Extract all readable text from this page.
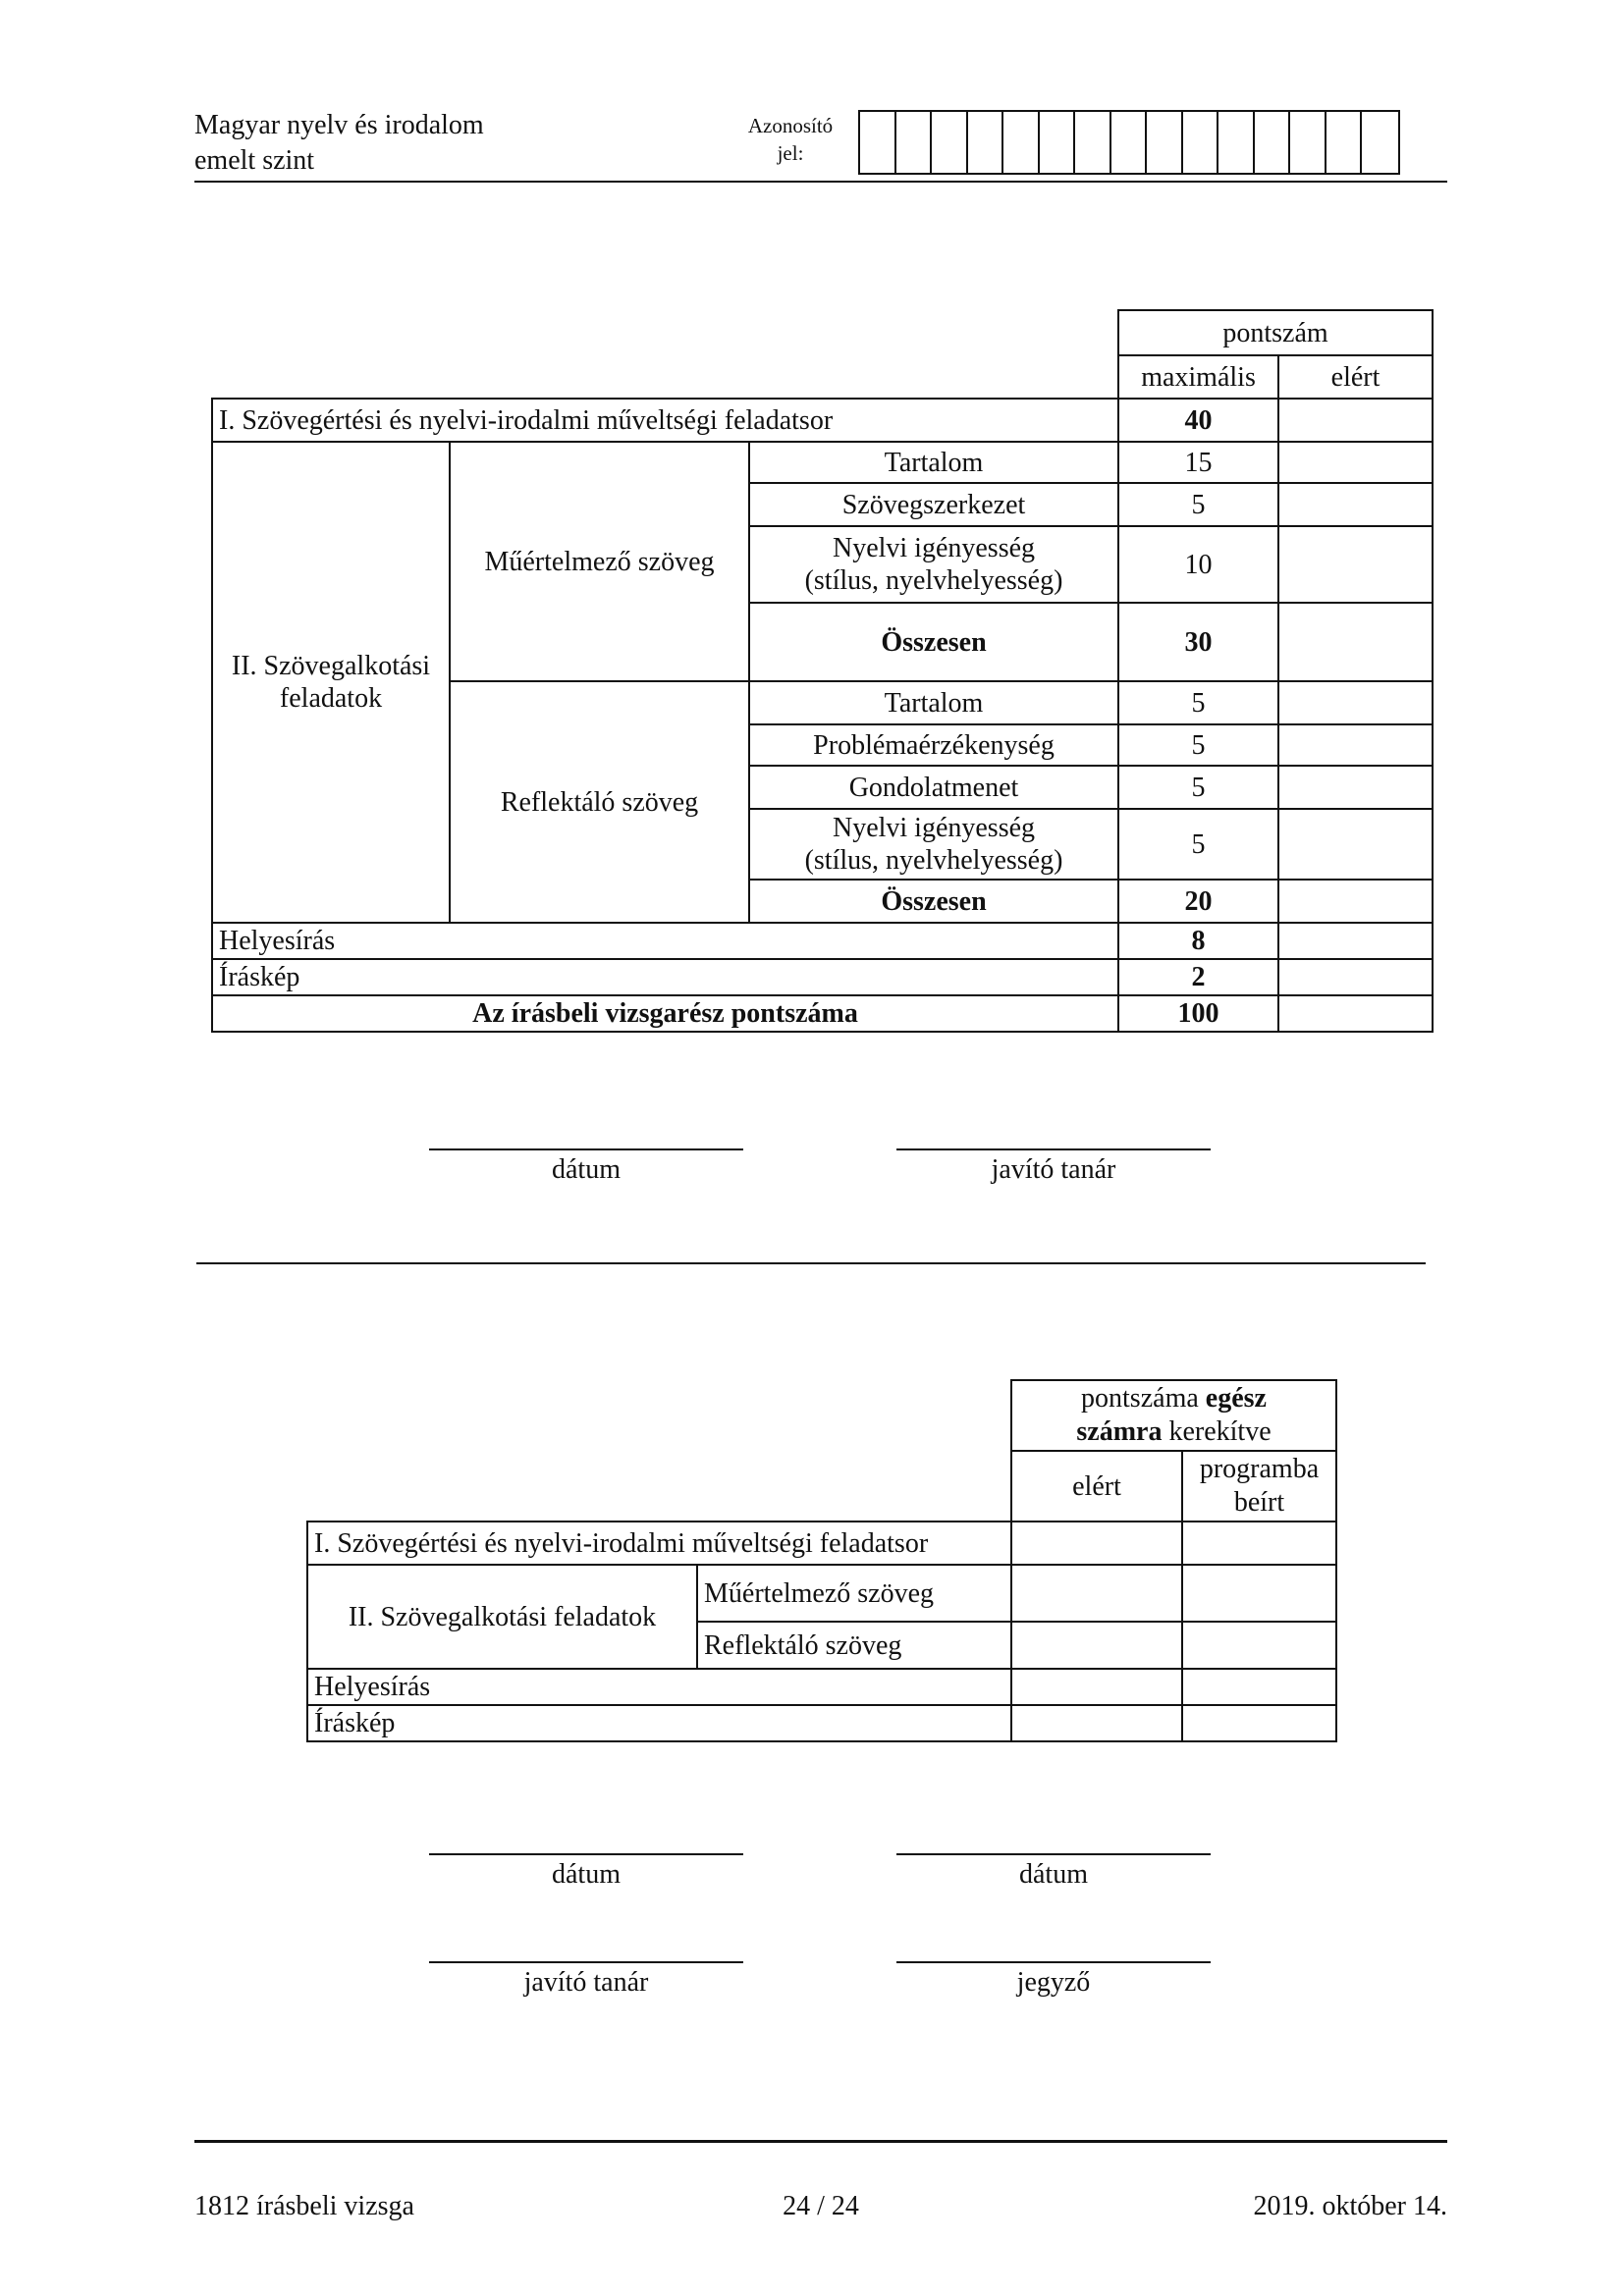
Magyar nyelv és irodalom
emelt szint
Azonosító
jel:
			pontszám	
			maximális	elért
I. Szövegértési és nyelvi-irodalmi műveltségi feladatsor			40	

II. Szövegalkotási
feladatok	Műértelmező szöveg	Tartalom	15	
		Szövegszerkezet	5	

		Nyelvi igényesség
(stílus, nyelvhelyesség)	10	
		Összesen	30	
	Reflektáló szöveg	Tartalom	5	
		Problémaérzékenység	5	
		Gondolatmenet	5	

		Nyelvi igényesség
(stílus, nyelvhelyesség)	5	
		Összesen	20	
Helyesírás			8	
Íráskép			2	
Az írásbeli vizsgarész pontszáma			100	
dátum	javító tanár
		pontszáma egész
számra kerekítve	
		elért	programba
beírt

I. Szövegértési és nyelvi-irodalmi műveltségi feladatsor			
II. Szövegalkotási feladatok	Műértelmező szöveg		
	Reflektáló szöveg		
Helyesírás			
Íráskép			
dátum	dátum
javító tanár	jegyző
1812 írásbeli vizsga	24 / 24	2019. október 14.
